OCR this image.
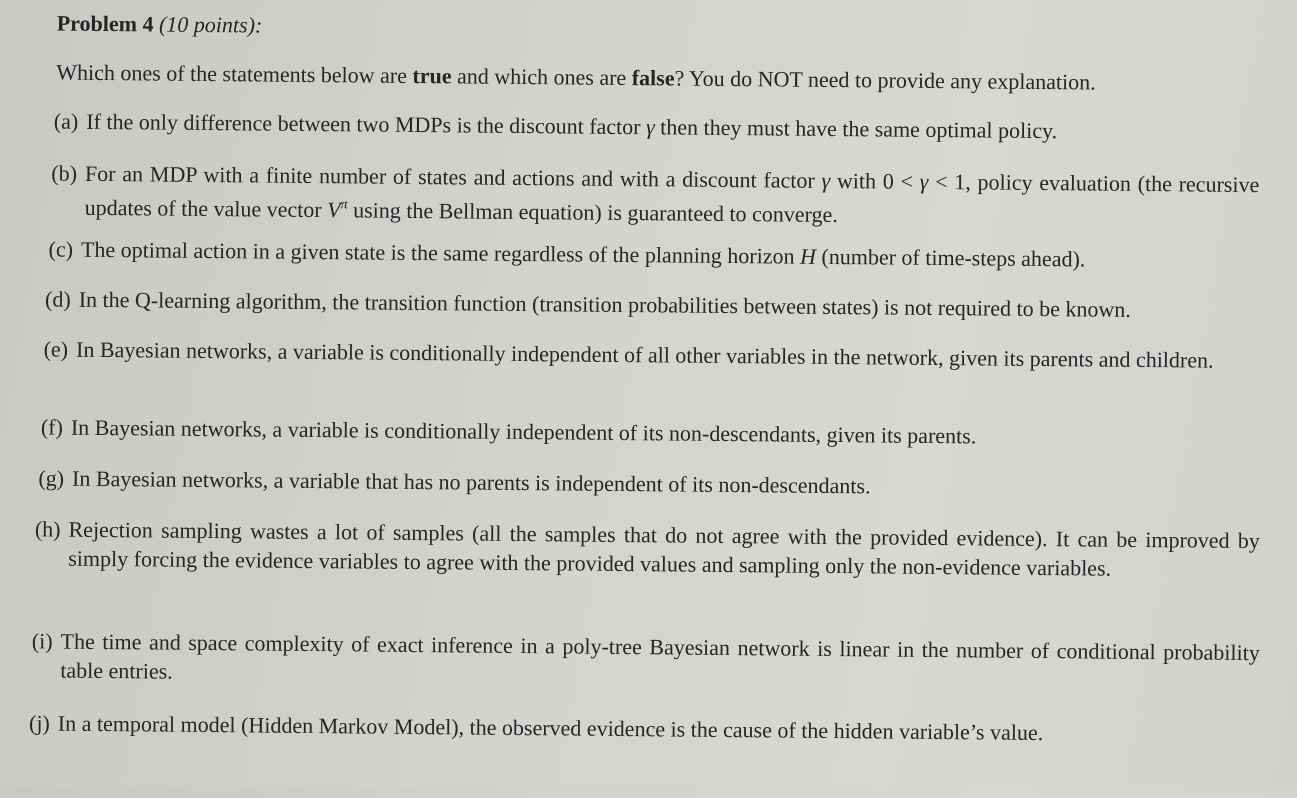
Problem 4 (10 points):
Which ones of the statements below are true and which ones are false? You do NOT need to provide any explanation.
(a) If the only difference between two MDPs is the discount factor γ then they must have the same optimal policy.
(b) For an MDP with a finite number of states and actions and with a discount factor γ with 0 < γ < 1, policy evaluation (the recursive updates of the value vector $V^\pi$ using the Bellman equation) is guaranteed to converge.
(c) The optimal action in a given state is the same regardless of the planning horizon H (number of time-steps ahead).
(d) In the Q-learning algorithm, the transition function (transition probabilities between states) is not required to be known.
(e) In Bayesian networks, a variable is conditionally independent of all other variables in the network, given its parents and children.
(f) In Bayesian networks, a variable is conditionally independent of its non-descendants, given its parents.
(g) In Bayesian networks, a variable that has no parents is independent of its non-descendants.
(h) Rejection sampling wastes a lot of samples (all the samples that do not agree with the provided evidence). It can be improved by simply forcing the evidence variables to agree with the provided values and sampling only the non-evidence variables.
(i) The time and space complexity of exact inference in a poly-tree Bayesian network is linear in the number of conditional probability table entries.
(j) In a temporal model (Hidden Markov Model), the observed evidence is the cause of the hidden variable’s value.
